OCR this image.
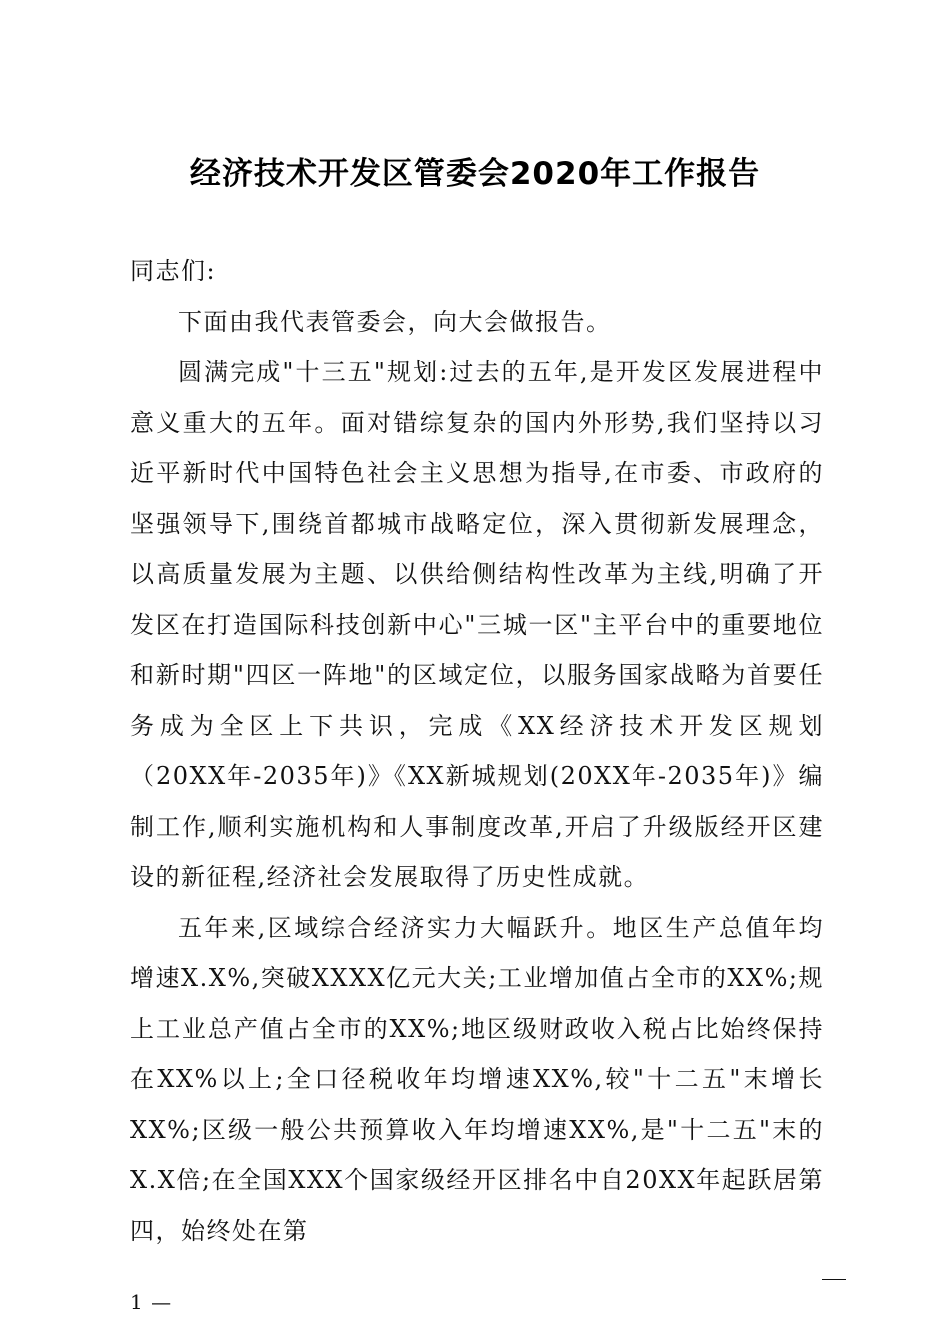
经济技术开发区管委会2020年工作报告

同志们:

下面由我代表管委会，向大会做报告。

圆满完成"十三五"规划:过去的五年,是开发区发展进程中意义重大的五年。面对错综复杂的国内外形势,我们坚持以习近平新时代中国特色社会主义思想为指导,在市委、市政府的坚强领导下,围绕首都城市战略定位，深入贯彻新发展理念，以高质量发展为主题、以供给侧结构性改革为主线,明确了开发区在打造国际科技创新中心"三城一区"主平台中的重要地位和新时期"四区一阵地"的区域定位，以服务国家战略为首要任务成为全区上下共识，完成《XX经济技术开发区规划（20XX年-2035年)》《XX新城规划(20XX年-2035年)》编制工作,顺利实施机构和人事制度改革,开启了升级版经开区建设的新征程,经济社会发展取得了历史性成就。

五年来,区域综合经济实力大幅跃升。地区生产总值年均增速X.X%,突破XXXX亿元大关;工业增加值占全市的XX%;规上工业总产值占全市的XX%;地区级财政收入税占比始终保持在XX%以上;全口径税收年均增速XX%,较"十二五"末增长XX%;区级一般公共预算收入年均增速XX%,是"十二五"末的X.X倍;在全国XXX个国家级经开区排名中自20XX年起跃居第四，始终处在第

1 —
